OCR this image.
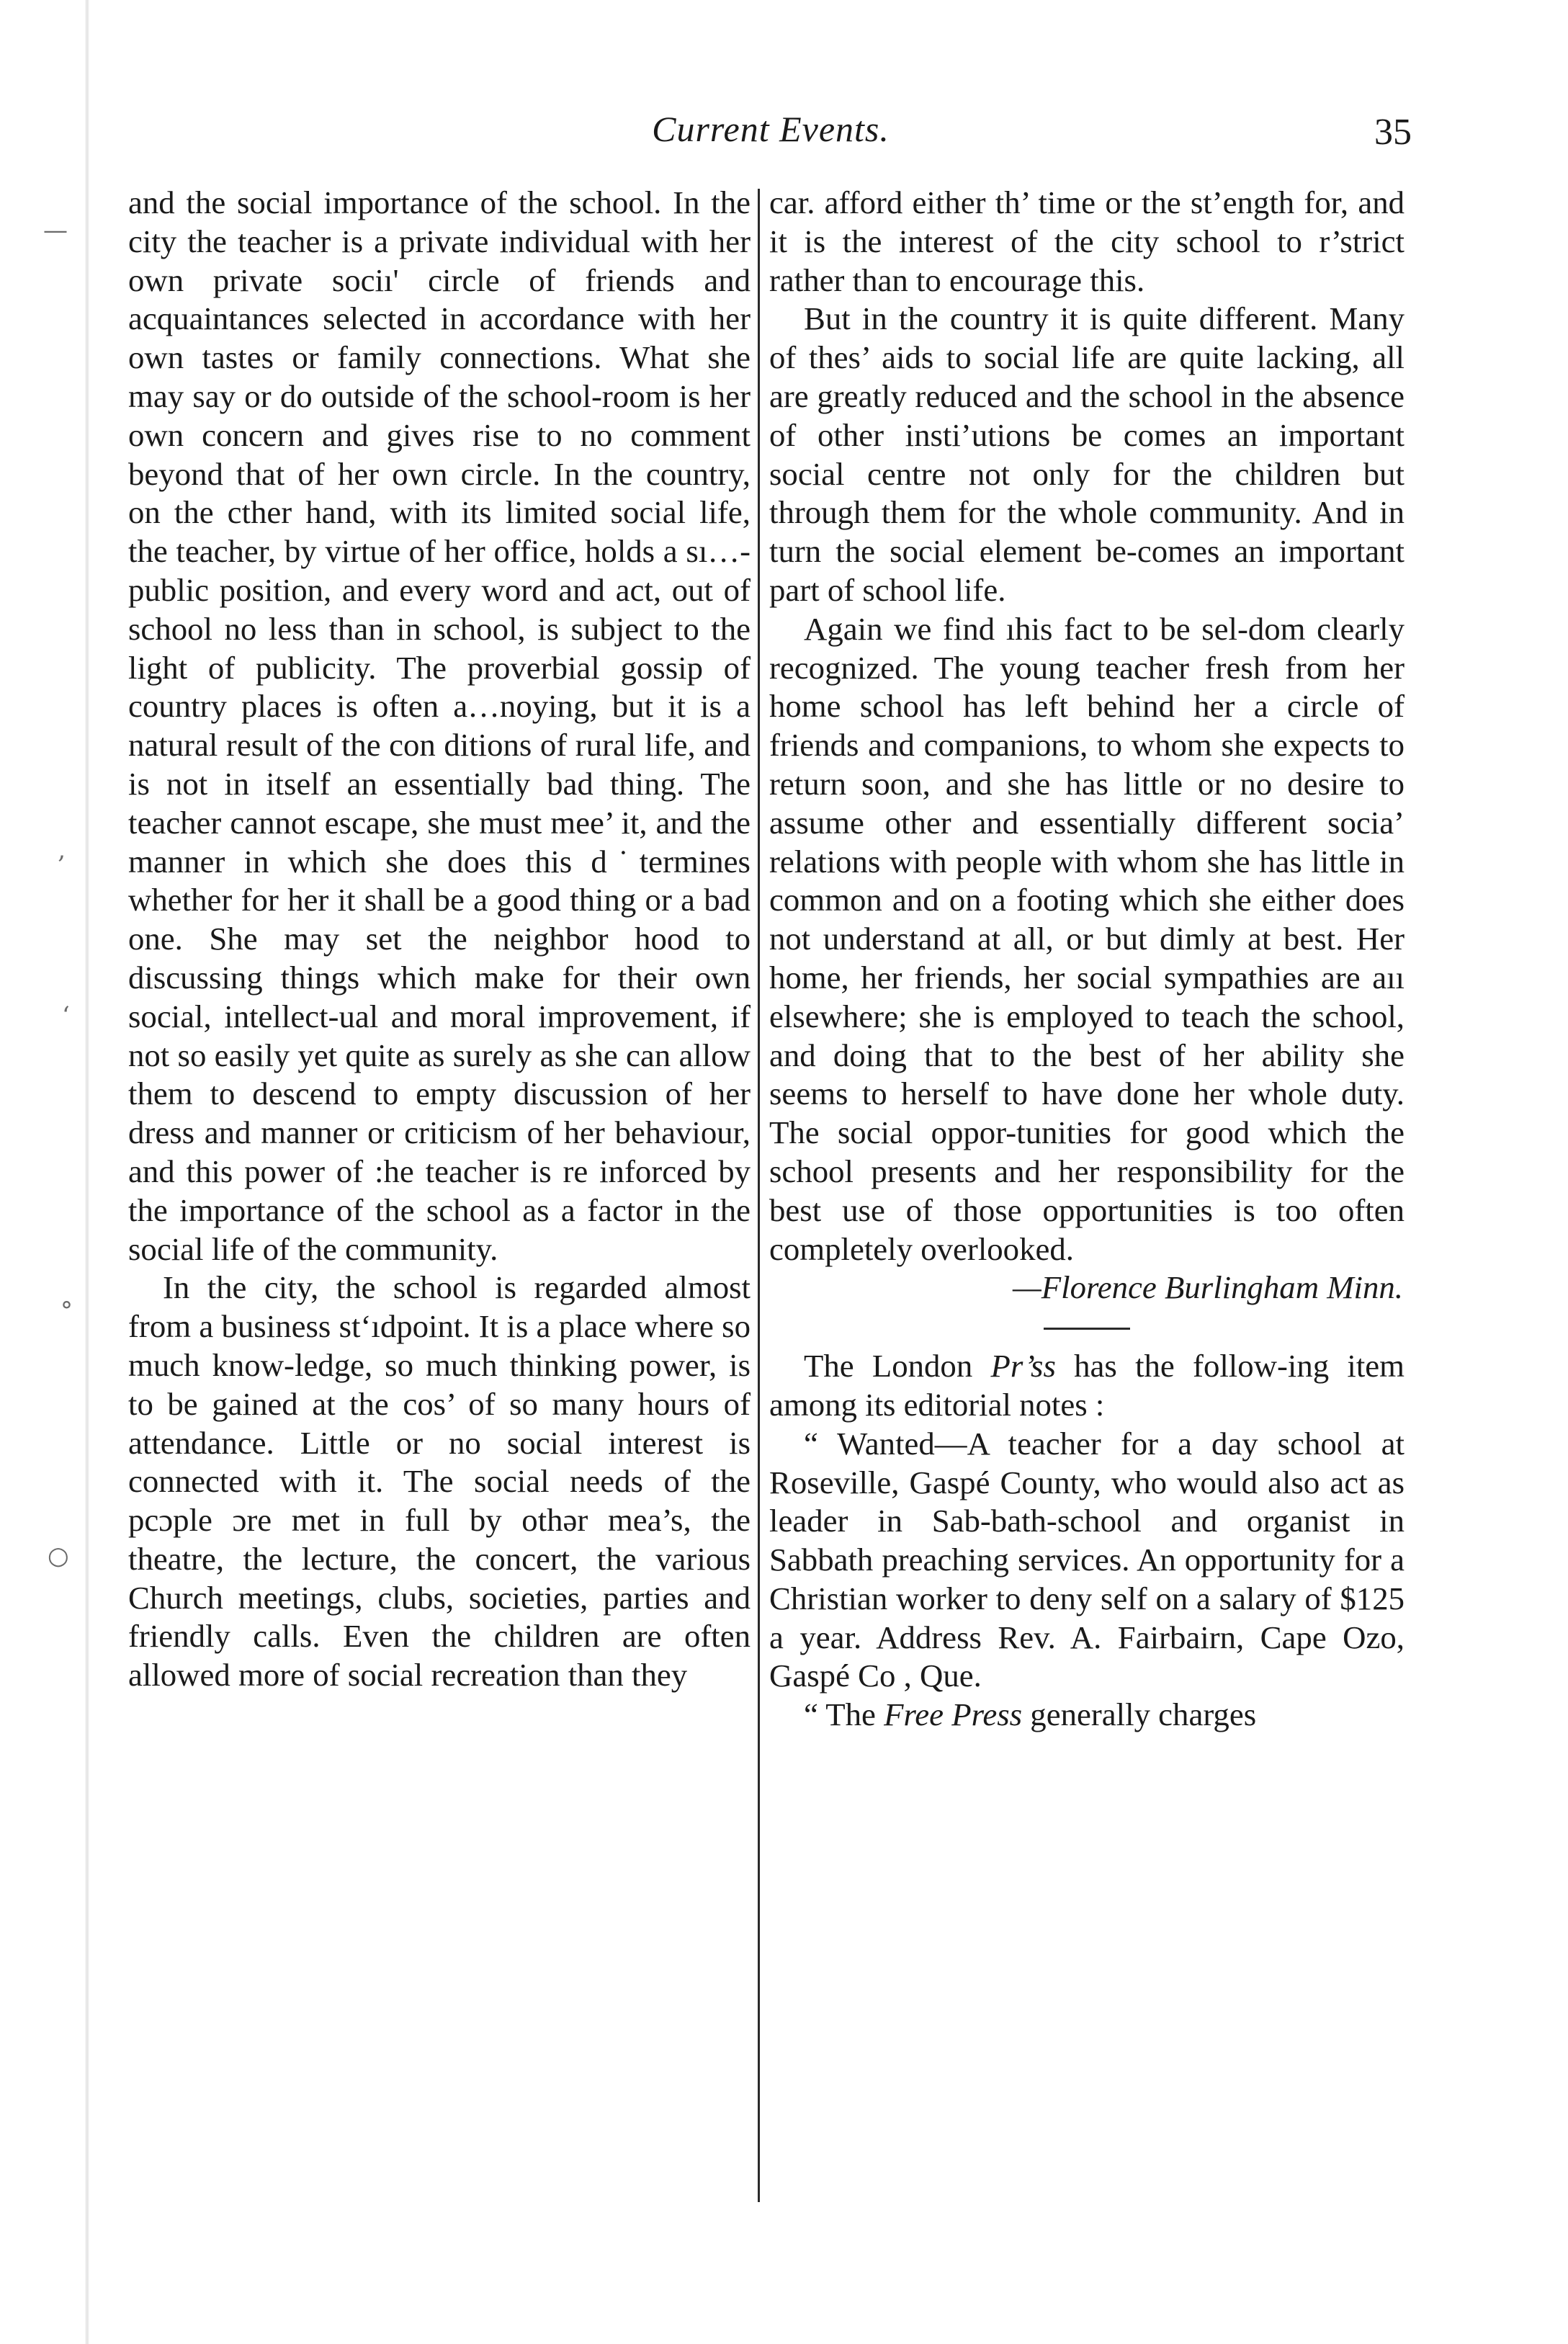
—
‚
‘
°
○
Current Events.	35

and the social importance of the school. In the city the teacher is a private individual with her own private sociı' circle of friends and acquaintances selected in accordance with her own tastes or family connections. What she may say or do outside of the school-room is her own concern and gives rise to no comment beyond that of her own circle. In the country, on the cther hand, with its limited social life, the teacher, by virtue of her office, holds a sı…-public position, and every word and act, out of school no less than in school, is subject to the light of publicity. The proverbial gossip of country places is often a…noying, but it is a natural result of the con ditions of rural life, and is not in itself an essentially bad thing. The teacher cannot escape, she must mee’ it, and the manner in which she does this d˙termines whether for her it shall be a good thing or a bad one. She may set the neighbor hood to discussing things which make for their own social, intellect-ual and moral improvement, if not so easily yet quite as surely as she can allow them to descend to empty discussion of her dress and manner or criticism of her behaviour, and this power of :he teacher is re inforced by the importance of the school as a factor in the social life of the community.

In the city, the school is regarded almost from a business st‘ıdpoint. It is a place where so much know-ledge, so much thinking power, is to be gained at the cos’ of so many hours of attendance. Little or no social interest is connected with it. The social needs of the pcɔple ɔre met in full by othər mea’s, the theatre, the lecture, the concert, the various Church meetings, clubs, societies, parties and friendly calls. Even the children are often allowed more of social recreation than they

car. afford either th’ time or the st’ength for, and it is the interest of the city school to r’strict rather than to encourage this.

But in the country it is quite different. Many of thes’ aids to social life are quite lacking, all are greatly reduced and the school in the absence of other insti’utions be comes an important social centre not only for the children but through them for the whole community. And in turn the social element be-comes an important part of school life.

Again we find ıhis fact to be sel-dom clearly recognized. The young teacher fresh from her home school has left behind her a circle of friends and companions, to whom she expects to return soon, and she has little or no desire to assume other and essentially different socia’ relations with people with whom she has little in common and on a footing which she either does not understand at all, or but dimly at best. Her home, her friends, her social sympathies are aıı elsewhere; she is employed to teach the school, and doing that to the best of her ability she seems to herself to have done her whole duty. The social oppor-tunities for good which the school presents and her responsibility for the best use of those opportunities is too often completely overlooked.

—Florence Burlingham Minn.

The London Pr’ss has the follow-ing item among its editorial notes :

“ Wanted—A teacher for a day school at Roseville, Gaspé County, who would also act as leader in Sab-bath-school and organist in Sabbath preaching services. An opportunity for a Christian worker to deny self on a salary of $125 a year. Address Rev. A. Fairbairn, Cape Ozo, Gaspé Co , Que.

“ The Free Press generally charges
